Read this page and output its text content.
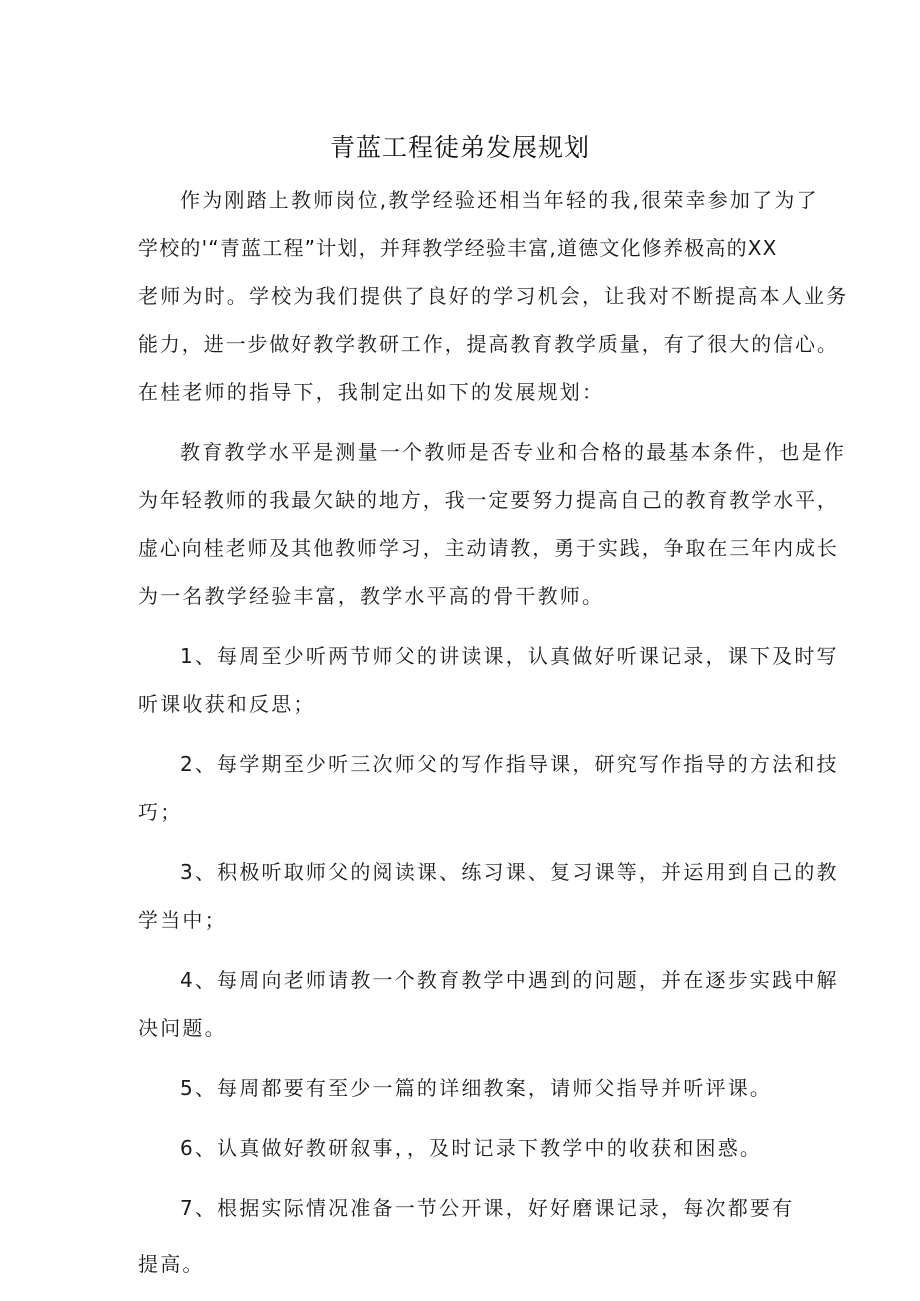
青蓝工程徒弟发展规划
作为刚踏上教师岗位,教学经验还相当年轻的我,很荣幸参加了为了
学校的'“青蓝工程”计划，并拜教学经验丰富,道德文化修养极高的XX
老师为时。学校为我们提供了良好的学习机会，让我对不断提高本人业务
能力，进一步做好教学教研工作，提高教育教学质量，有了很大的信心。
在桂老师的指导下，我制定出如下的发展规划：
教育教学水平是测量一个教师是否专业和合格的最基本条件，也是作
为年轻教师的我最欠缺的地方，我一定要努力提高自己的教育教学水平，
虚心向桂老师及其他教师学习，主动请教，勇于实践，争取在三年内成长
为一名教学经验丰富，教学水平高的骨干教师。
1、每周至少听两节师父的讲读课，认真做好听课记录，课下及时写
听课收获和反思；
2、每学期至少听三次师父的写作指导课，研究写作指导的方法和技
巧；
3、积极听取师父的阅读课、练习课、复习课等，并运用到自己的教
学当中；
4、每周向老师请教一个教育教学中遇到的问题，并在逐步实践中解
决问题。
5、每周都要有至少一篇的详细教案，请师父指导并听评课。
6、认真做好教研叙事，，及时记录下教学中的收获和困惑。
7、根据实际情况准备一节公开课，好好磨课记录，每次都要有
提高。
